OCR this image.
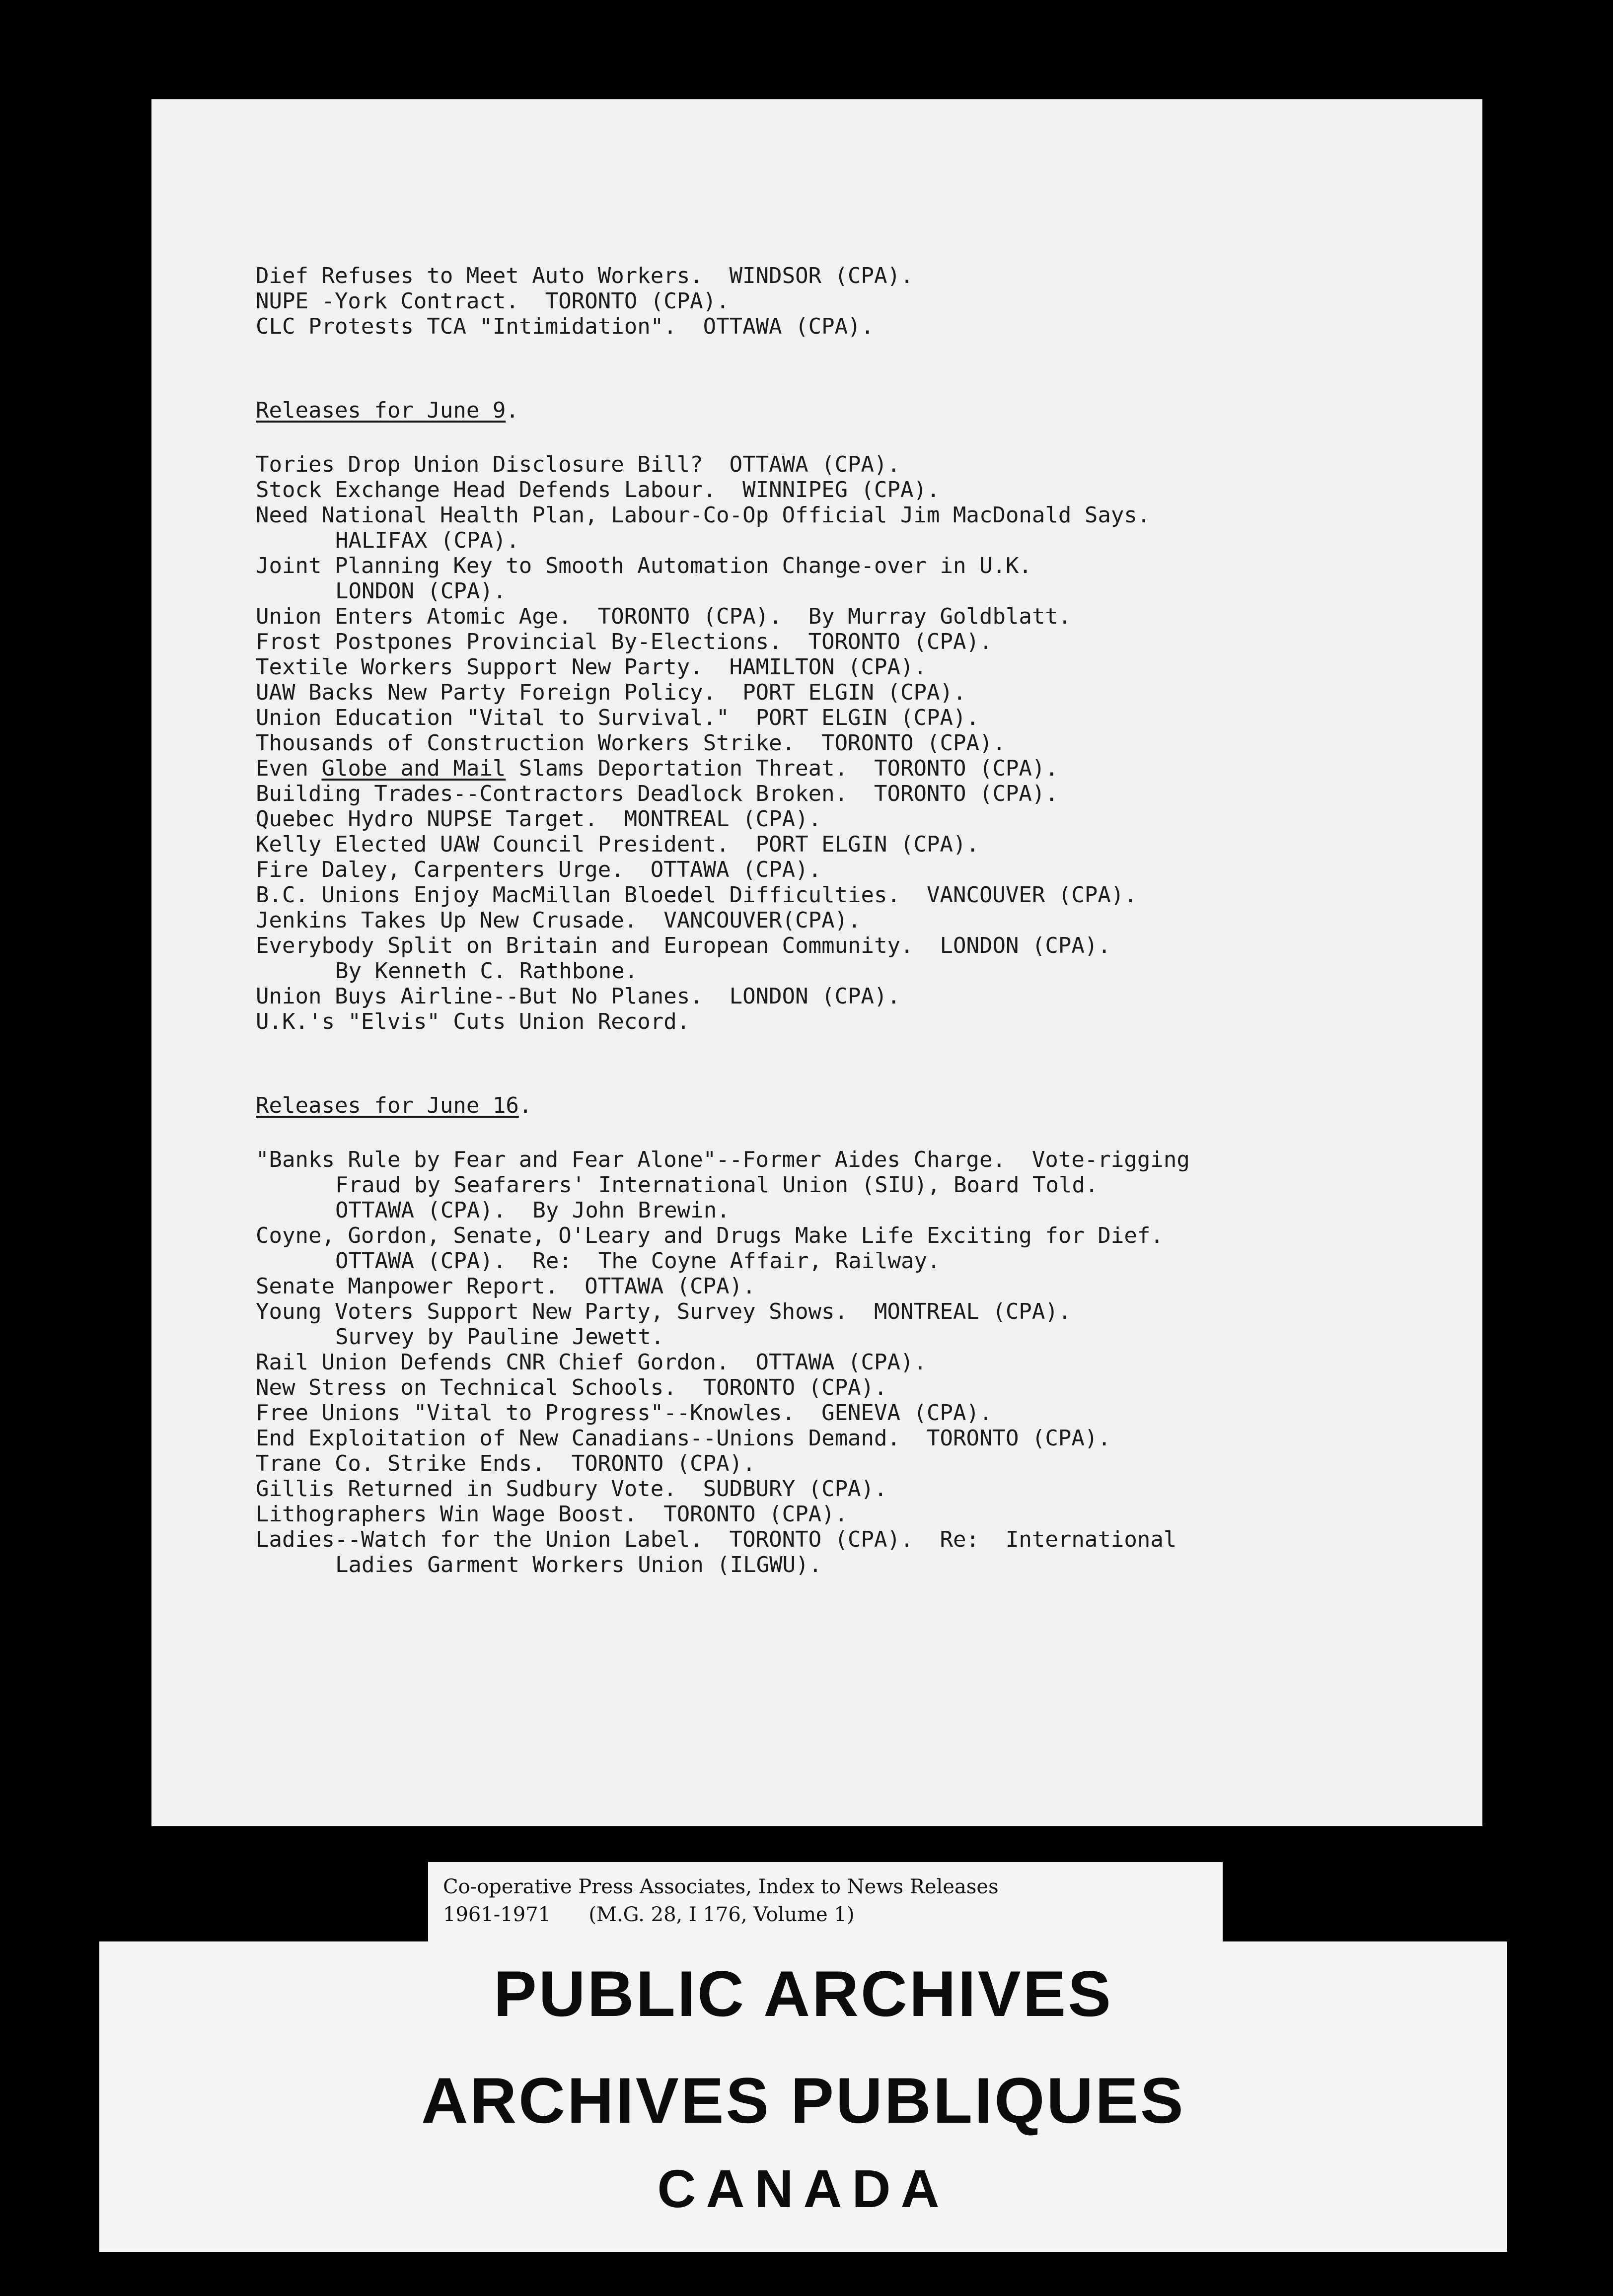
Dief Refuses to Meet Auto Workers.  WINDSOR (CPA).
NUPE -York Contract.  TORONTO (CPA).
CLC Protests TCA "Intimidation".  OTTAWA (CPA).
Releases for June 9.
Tories Drop Union Disclosure Bill?  OTTAWA (CPA).
Stock Exchange Head Defends Labour.  WINNIPEG (CPA).
Need National Health Plan, Labour-Co-Op Official Jim MacDonald Says.
HALIFAX (CPA).
Joint Planning Key to Smooth Automation Change-over in U.K.
LONDON (CPA).
Union Enters Atomic Age.  TORONTO (CPA).  By Murray Goldblatt.
Frost Postpones Provincial By-Elections.  TORONTO (CPA).
Textile Workers Support New Party.  HAMILTON (CPA).
UAW Backs New Party Foreign Policy.  PORT ELGIN (CPA).
Union Education "Vital to Survival."  PORT ELGIN (CPA).
Thousands of Construction Workers Strike.  TORONTO (CPA).
Even Globe and Mail Slams Deportation Threat.  TORONTO (CPA).
Building Trades--Contractors Deadlock Broken.  TORONTO (CPA).
Quebec Hydro NUPSE Target.  MONTREAL (CPA).
Kelly Elected UAW Council President.  PORT ELGIN (CPA).
Fire Daley, Carpenters Urge.  OTTAWA (CPA).
B.C. Unions Enjoy MacMillan Bloedel Difficulties.  VANCOUVER (CPA).
Jenkins Takes Up New Crusade.  VANCOUVER(CPA).
Everybody Split on Britain and European Community.  LONDON (CPA).
By Kenneth C. Rathbone.
Union Buys Airline--But No Planes.  LONDON (CPA).
U.K.'s "Elvis" Cuts Union Record.
Releases for June 16.
"Banks Rule by Fear and Fear Alone"--Former Aides Charge.  Vote-rigging
Fraud by Seafarers' International Union (SIU), Board Told.
OTTAWA (CPA).  By John Brewin.
Coyne, Gordon, Senate, O'Leary and Drugs Make Life Exciting for Dief.
OTTAWA (CPA).  Re:  The Coyne Affair, Railway.
Senate Manpower Report.  OTTAWA (CPA).
Young Voters Support New Party, Survey Shows.  MONTREAL (CPA).
Survey by Pauline Jewett.
Rail Union Defends CNR Chief Gordon.  OTTAWA (CPA).
New Stress on Technical Schools.  TORONTO (CPA).
Free Unions "Vital to Progress"--Knowles.  GENEVA (CPA).
End Exploitation of New Canadians--Unions Demand.  TORONTO (CPA).
Trane Co. Strike Ends.  TORONTO (CPA).
Gillis Returned in Sudbury Vote.  SUDBURY (CPA).
Lithographers Win Wage Boost.  TORONTO (CPA).
Ladies--Watch for the Union Label.  TORONTO (CPA).  Re:  International
Ladies Garment Workers Union (ILGWU).
Co-operative Press Associates, Index to News Releases
1961-1971      (M.G. 28, I 176, Volume 1)
PUBLIC ARCHIVES
ARCHIVES PUBLIQUES
CANADA
